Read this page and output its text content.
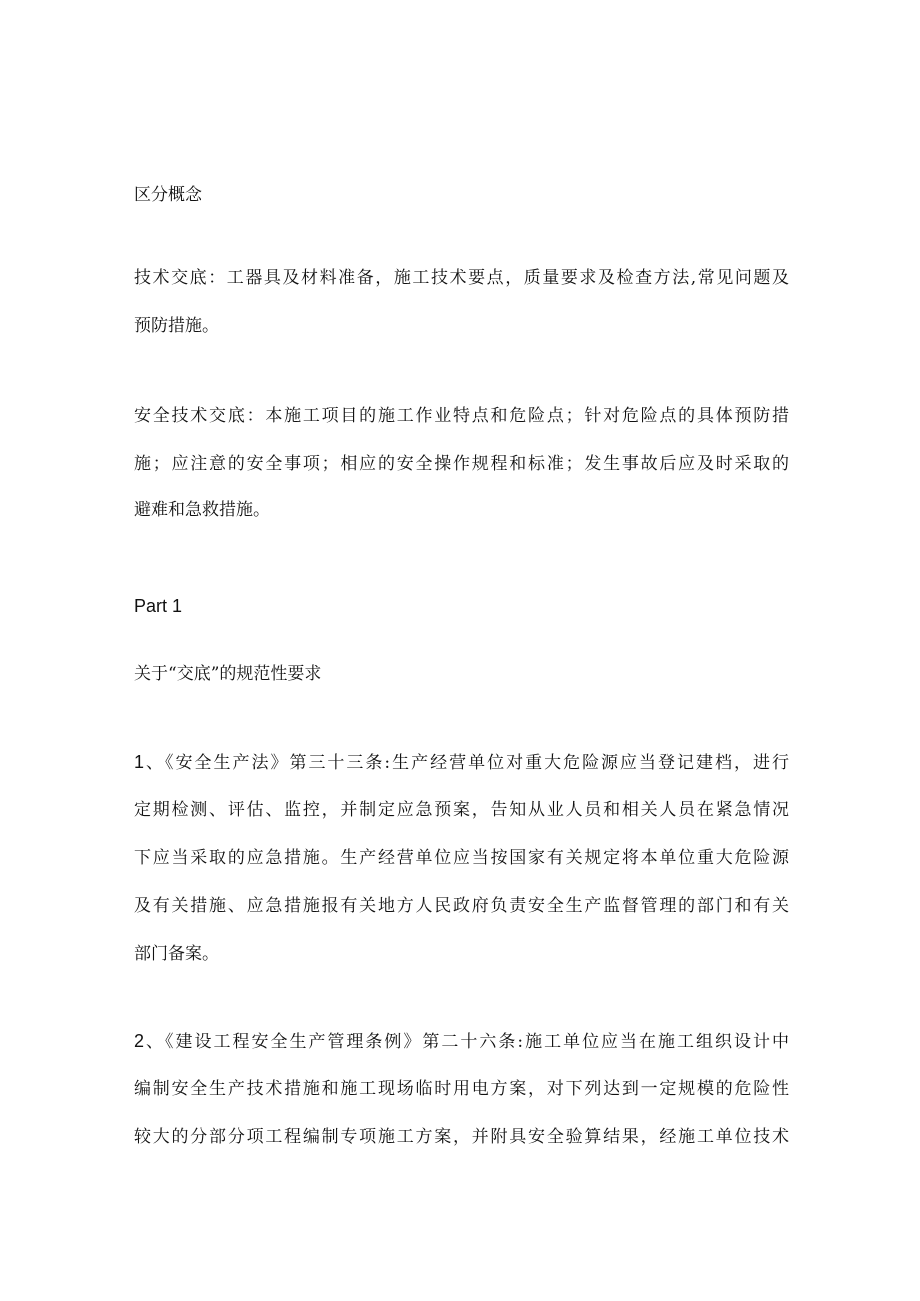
区分概念
技术交底：工器具及材料准备，施工技术要点，质量要求及检查方法,常见问题及
预防措施。
安全技术交底：本施工项目的施工作业特点和危险点；针对危险点的具体预防措
施；应注意的安全事项；相应的安全操作规程和标准；发生事故后应及时采取的
避难和急救措施。
Part 1
关于“交底”的规范性要求
1、《安全生产法》第三十三条:生产经营单位对重大危险源应当登记建档，进行
定期检测、评估、监控，并制定应急预案，告知从业人员和相关人员在紧急情况
下应当采取的应急措施。生产经营单位应当按国家有关规定将本单位重大危险源
及有关措施、应急措施报有关地方人民政府负责安全生产监督管理的部门和有关
部门备案。
2、《建设工程安全生产管理条例》第二十六条:施工单位应当在施工组织设计中
编制安全生产技术措施和施工现场临时用电方案，对下列达到一定规模的危险性
较大的分部分项工程编制专项施工方案，并附具安全验算结果，经施工单位技术
